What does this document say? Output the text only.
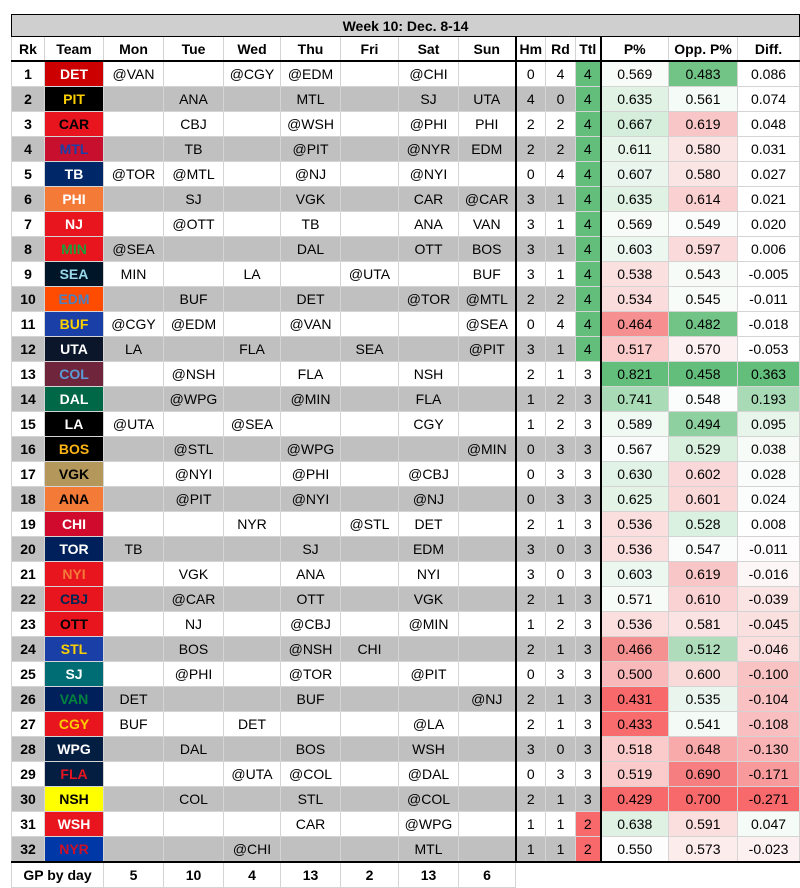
Week 10: Dec. 8-14														
Rk	Team	Mon	Tue	Wed	Thu	Fri	Sat	Sun	Hm	Rd	Ttl	P%	Opp. P%	Diff.
1	DET	@VAN		@CGY	@EDM		@CHI		0	4	4	0.569	0.483	0.086
2	PIT		ANA		MTL		SJ	UTA	4	0	4	0.635	0.561	0.074
3	CAR		CBJ		@WSH		@PHI	PHI	2	2	4	0.667	0.619	0.048
4	MTL		TB		@PIT		@NYR	EDM	2	2	4	0.611	0.580	0.031
5	TB	@TOR	@MTL		@NJ		@NYI		0	4	4	0.607	0.580	0.027
6	PHI		SJ		VGK		CAR	@CAR	3	1	4	0.635	0.614	0.021
7	NJ		@OTT		TB		ANA	VAN	3	1	4	0.569	0.549	0.020
8	MIN	@SEA			DAL		OTT	BOS	3	1	4	0.603	0.597	0.006
9	SEA	MIN		LA		@UTA		BUF	3	1	4	0.538	0.543	-0.005
10	EDM		BUF		DET		@TOR	@MTL	2	2	4	0.534	0.545	-0.011
11	BUF	@CGY	@EDM		@VAN			@SEA	0	4	4	0.464	0.482	-0.018
12	UTA	LA		FLA		SEA		@PIT	3	1	4	0.517	0.570	-0.053
13	COL		@NSH		FLA		NSH		2	1	3	0.821	0.458	0.363
14	DAL		@WPG		@MIN		FLA		1	2	3	0.741	0.548	0.193
15	LA	@UTA		@SEA			CGY		1	2	3	0.589	0.494	0.095
16	BOS		@STL		@WPG			@MIN	0	3	3	0.567	0.529	0.038
17	VGK		@NYI		@PHI		@CBJ		0	3	3	0.630	0.602	0.028
18	ANA		@PIT		@NYI		@NJ		0	3	3	0.625	0.601	0.024
19	CHI			NYR		@STL	DET		2	1	3	0.536	0.528	0.008
20	TOR	TB			SJ		EDM		3	0	3	0.536	0.547	-0.011
21	NYI		VGK		ANA		NYI		3	0	3	0.603	0.619	-0.016
22	CBJ		@CAR		OTT		VGK		2	1	3	0.571	0.610	-0.039
23	OTT		NJ		@CBJ		@MIN		1	2	3	0.536	0.581	-0.045
24	STL		BOS		@NSH	CHI			2	1	3	0.466	0.512	-0.046
25	SJ		@PHI		@TOR		@PIT		0	3	3	0.500	0.600	-0.100
26	VAN	DET			BUF			@NJ	2	1	3	0.431	0.535	-0.104
27	CGY	BUF		DET			@LA		2	1	3	0.433	0.541	-0.108
28	WPG		DAL		BOS		WSH		3	0	3	0.518	0.648	-0.130
29	FLA			@UTA	@COL		@DAL		0	3	3	0.519	0.690	-0.171
30	NSH		COL		STL		@COL		2	1	3	0.429	0.700	-0.271
31	WSH				CAR		@WPG		1	1	2	0.638	0.591	0.047
32	NYR			@CHI			MTL		1	1	2	0.550	0.573	-0.023
GP by day		5	10	4	13	2	13	6						
